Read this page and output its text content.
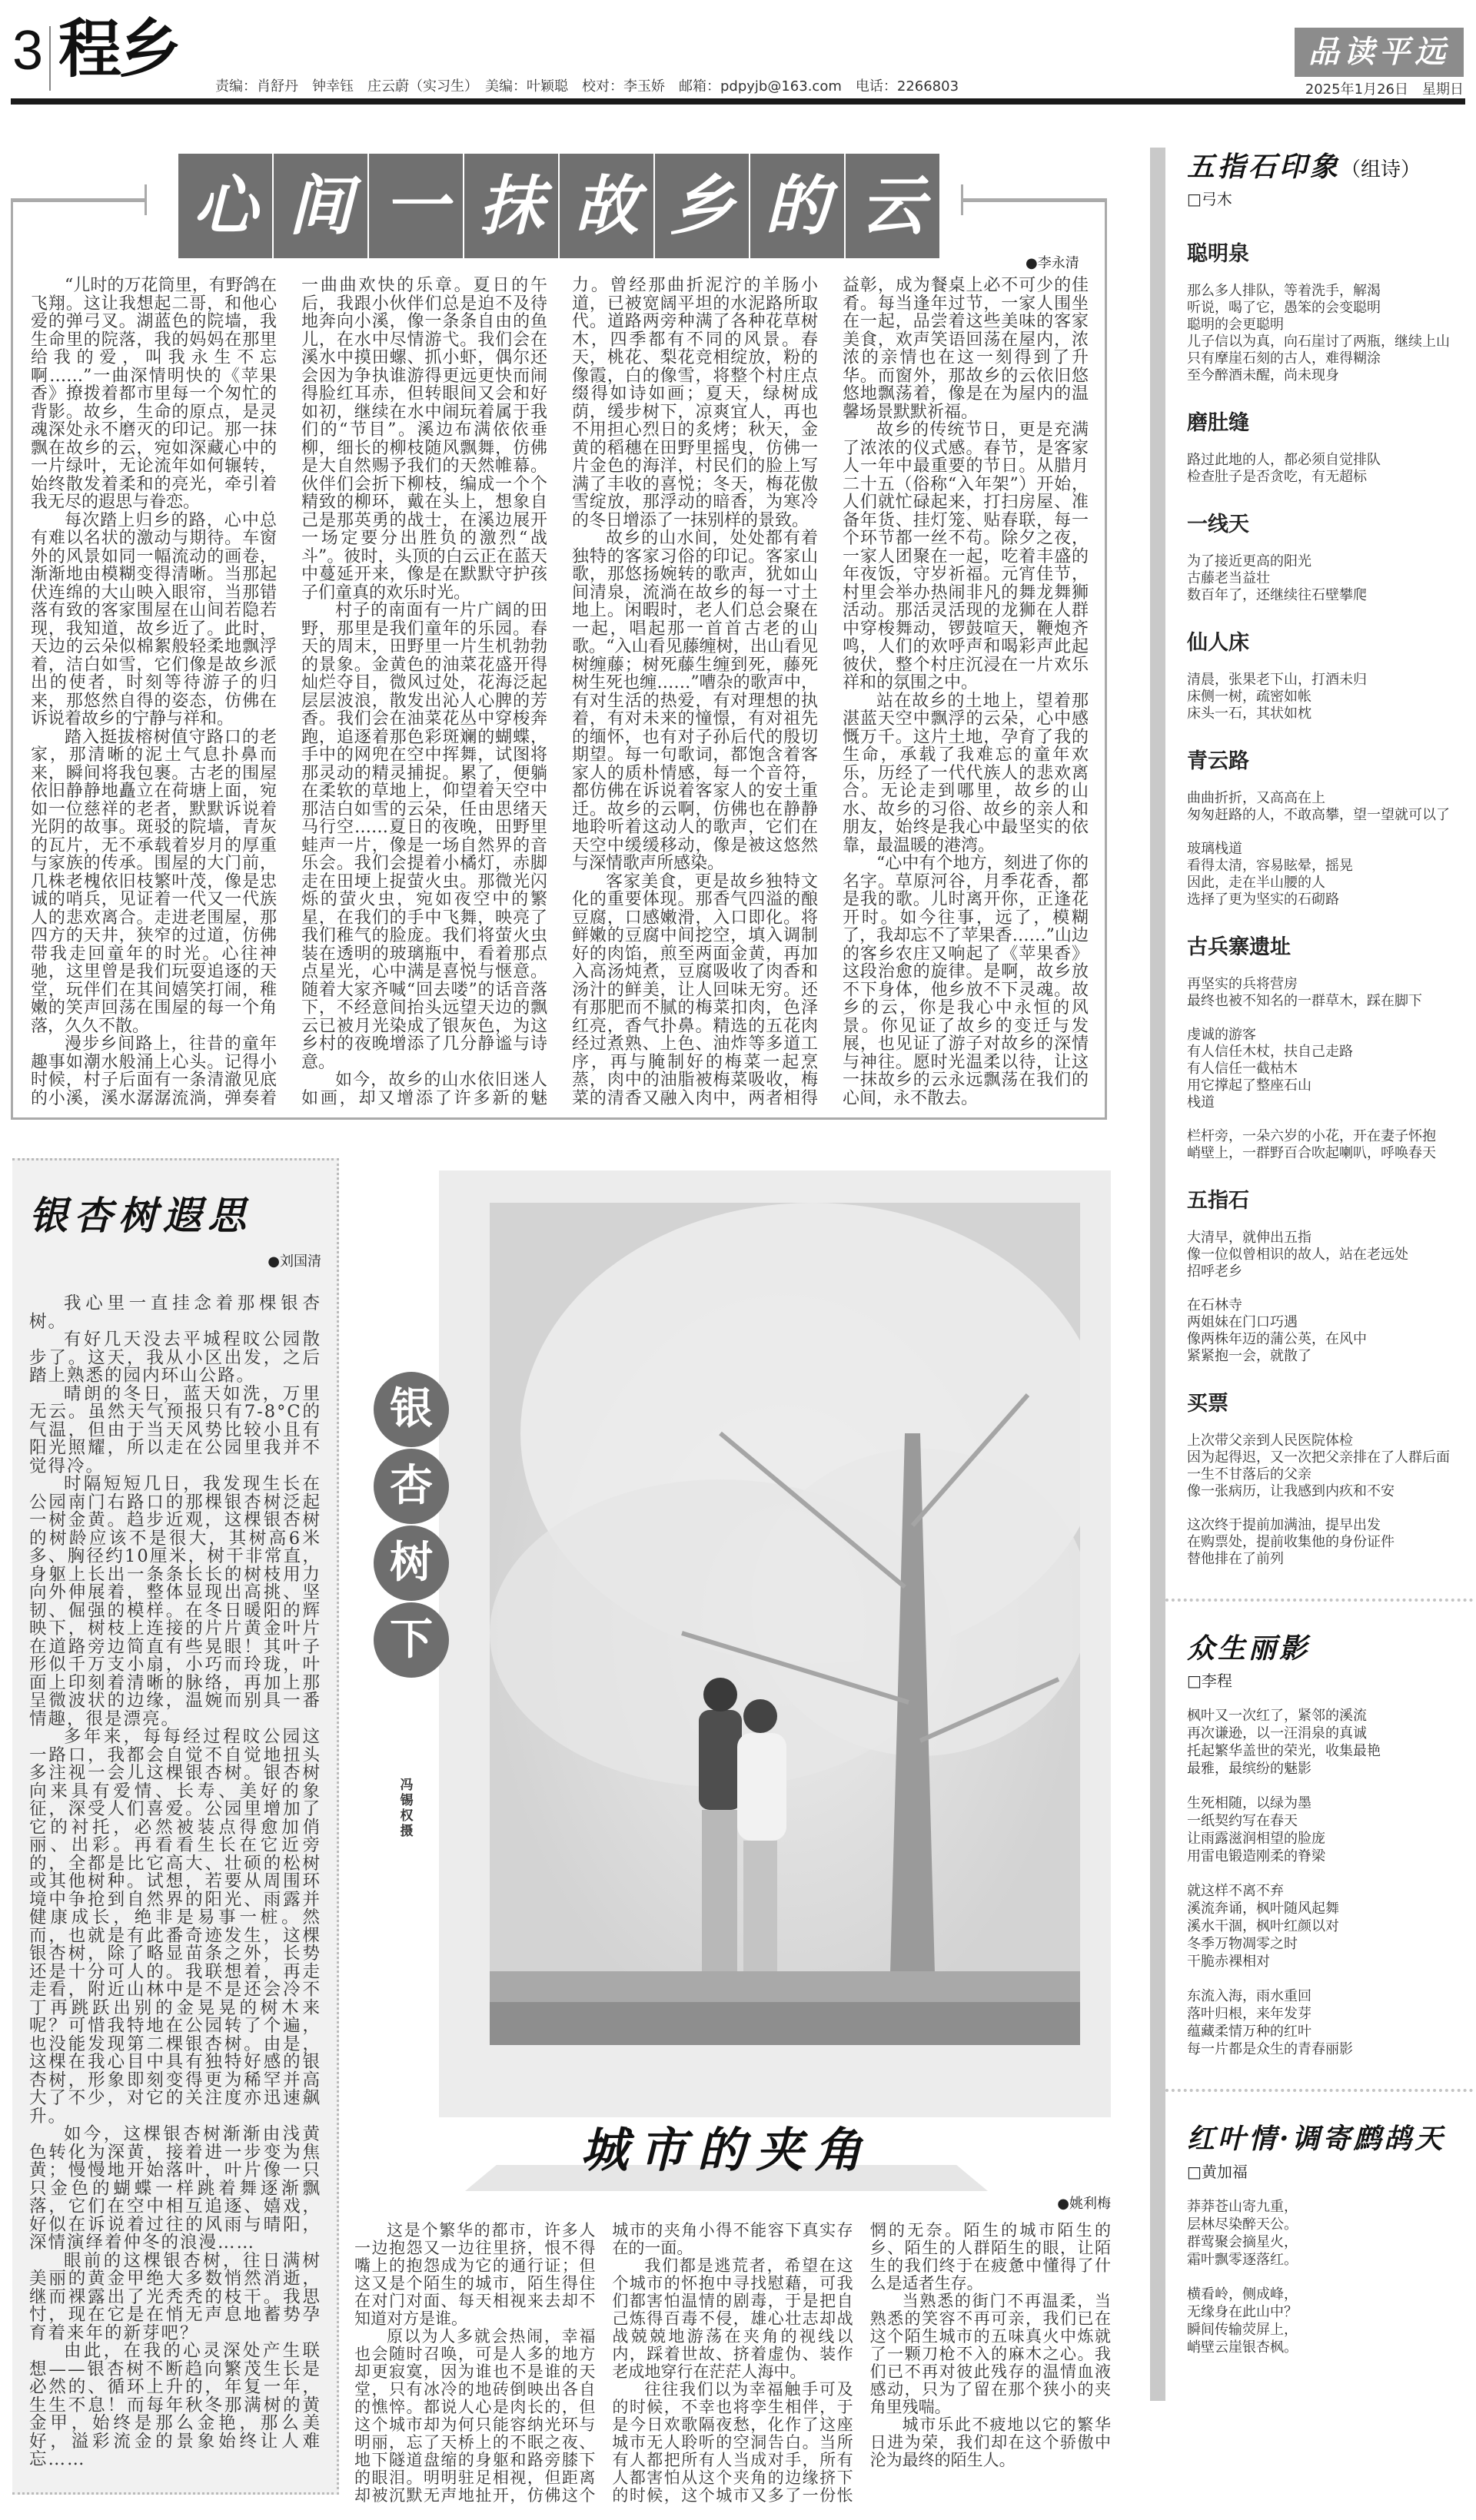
3 程乡
责编：肖舒丹　钟幸钰　庄云蔚（实习生）　美编：叶颖聪　校对：李玉娇　邮箱：pdpyjb@163.com　电话：2266803
品读平远
2025年1月26日　星期日
心 间 一 抹 故 乡 的 云
●李永清

“儿时的万花筒里，有野鸽在飞翔。这让我想起二哥，和他心爱的弹弓叉。湖蓝色的院墙，我生命里的院落，我的妈妈在那里给我的爱，叫我永生不忘啊……”一曲深情明快的《苹果香》撩拨着都市里每一个匆忙的背影。故乡，生命的原点，是灵魂深处永不磨灭的印记。那一抹飘在故乡的云，宛如深藏心中的一片绿叶，无论流年如何辗转，始终散发着柔和的亮光，牵引着我无尽的遐思与眷恋。

每次踏上归乡的路，心中总有难以名状的激动与期待。车窗外的风景如同一幅流动的画卷，渐渐地由模糊变得清晰。当那起伏连绵的大山映入眼帘，当那错落有致的客家围屋在山间若隐若现，我知道，故乡近了。此时，天边的云朵似棉絮般轻柔地飘浮着，洁白如雪，它们像是故乡派出的使者，时刻等待游子的归来，那悠然自得的姿态，仿佛在诉说着故乡的宁静与祥和。

踏入挺拔榕树值守路口的老家，那清晰的泥土气息扑鼻而来，瞬间将我包裹。古老的围屋依旧静静地矗立在荷塘上面，宛如一位慈祥的老者，默默诉说着光阴的故事。斑驳的院墙，青灰的瓦片，无不承载着岁月的厚重与家族的传承。围屋的大门前，几株老槐依旧枝繁叶茂，像是忠诚的哨兵，见证着一代又一代族人的悲欢离合。走进老围屋，那四方的天井，狭窄的过道，仿佛带我走回童年的时光。心往神驰，这里曾是我们玩耍追逐的天堂，玩伴们在其间嬉笑打闹，稚嫩的笑声回荡在围屋的每一个角落，久久不散。

漫步乡间路上，往昔的童年趣事如潮水般涌上心头。记得小时候，村子后面有一条清澈见底的小溪，溪水潺潺流淌，弹奏着一曲曲欢快的乐章。夏日的午后，我跟小伙伴们总是迫不及待地奔向小溪，像一条条自由的鱼儿，在水中尽情游弋。我们会在溪水中摸田螺、抓小虾，偶尔还会因为争执谁游得更远更快而闹得脸红耳赤，但转眼间又会和好如初，继续在水中闹玩着属于我们的“节目”。溪边布满依依垂柳，细长的柳枝随风飘舞，仿佛是大自然赐予我们的天然帷幕。伙伴们会折下柳枝，编成一个个精致的柳环，戴在头上，想象自己是那英勇的战士，在溪边展开一场定要分出胜负的激烈“战斗”。彼时，头顶的白云正在蓝天中蔓延开来，像是在默默守护孩子们童真的欢乐时光。

村子的南面有一片广阔的田野，那里是我们童年的乐园。春天的周末，田野里一片生机勃勃的景象。金黄色的油菜花盛开得灿烂夺目，微风过处，花海泛起层层波浪，散发出沁人心脾的芳香。我们会在油菜花丛中穿梭奔跑，追逐着那色彩斑斓的蝴蝶，手中的网兜在空中挥舞，试图将那灵动的精灵捕捉。累了，便躺在柔软的草地上，仰望着天空中那洁白如雪的云朵，任由思绪天马行空……夏日的夜晚，田野里蛙声一片，像是一场自然界的音乐会。我们会提着小橘灯，赤脚走在田埂上捉萤火虫。那微光闪烁的萤火虫，宛如夜空中的繁星，在我们的手中飞舞，映亮了我们稚气的脸庞。我们将萤火虫装在透明的玻璃瓶中，看着那点点星光，心中满是喜悦与惬意。随着大家齐喊“回去喽”的话音落下，不经意间抬头远望天边的飘云已被月光染成了银灰色，为这乡村的夜晚增添了几分静谧与诗意。

如今，故乡的山水依旧迷人如画，却又增添了许多新的魅力。曾经那曲折泥泞的羊肠小道，已被宽阔平坦的水泥路所取代。道路两旁种满了各种花草树木，四季都有不同的风景。春天，桃花、梨花竞相绽放，粉的像霞，白的像雪，将整个村庄点缀得如诗如画；夏天，绿树成荫，缓步树下，凉爽宜人，再也不用担心烈日的炙烤；秋天，金黄的稻穗在田野里摇曳，仿佛一片金色的海洋，村民们的脸上写满了丰收的喜悦；冬天，梅花傲雪绽放，那浮动的暗香，为寒冷的冬日增添了一抹别样的景致。

故乡的山水间，处处都有着独特的客家习俗的印记。客家山歌，那悠扬婉转的歌声，犹如山间清泉，流淌在故乡的每一寸土地上。闲暇时，老人们总会聚在一起，唱起那一首首古老的山歌。“入山看见藤缠树，出山看见树缠藤；树死藤生缠到死，藤死树生死也缠……”嘈杂的歌声中，有对生活的热爱，有对理想的执着，有对未来的憧憬，有对祖先的缅怀，也有对子孙后代的殷切期望。每一句歌词，都饱含着客家人的质朴情感，每一个音符，都仿佛在诉说着客家人的安土重迁。故乡的云啊，仿佛也在静静地聆听着这动人的歌声，它们在天空中缓缓移动，像是被这悠然与深情歌声所感染。

客家美食，更是故乡独特文化的重要体现。那香气四溢的酿豆腐，口感嫩滑，入口即化。将鲜嫩的豆腐中间挖空，填入调制好的肉馅，煎至两面金黄，再加入高汤炖煮，豆腐吸收了肉香和汤汁的鲜美，让人回味无穷。还有那肥而不腻的梅菜扣肉，色泽红亮，香气扑鼻。精选的五花肉经过煮熟、上色、油炸等多道工序，再与腌制好的梅菜一起烹蒸，肉中的油脂被梅菜吸收，梅菜的清香又融入肉中，两者相得益彰，成为餐桌上必不可少的佳肴。每当逢年过节，一家人围坐在一起，品尝着这些美味的客家美食，欢声笑语回荡在屋内，浓浓的亲情也在这一刻得到了升华。而窗外，那故乡的云依旧悠悠地飘荡着，像是在为屋内的温馨场景默默祈福。

故乡的传统节日，更是充满了浓浓的仪式感。春节，是客家人一年中最重要的节日。从腊月二十五（俗称“入年架”）开始，人们就忙碌起来，打扫房屋、准备年货、挂灯笼、贴春联，每一个环节都一丝不苟。除夕之夜，一家人团聚在一起，吃着丰盛的年夜饭，守岁祈福。元宵佳节，村里会举办热闹非凡的舞龙舞狮活动。那活灵活现的龙狮在人群中穿梭舞动，锣鼓喧天，鞭炮齐鸣，人们的欢呼声和喝彩声此起彼伏，整个村庄沉浸在一片欢乐祥和的氛围之中。

站在故乡的土地上，望着那湛蓝天空中飘浮的云朵，心中感慨万千。这片土地，孕育了我的生命，承载了我难忘的童年欢乐，历经了一代代族人的悲欢离合。无论走到哪里，故乡的山水、故乡的习俗、故乡的亲人和朋友，始终是我心中最坚实的依靠，最温暖的港湾。

“心中有个地方，刻进了你的名字。草原河谷，月季花香，都是我的歌。儿时离开你，正逢花开时。如今往事，远了，模糊了，我却忘不了苹果香……”山边的客乡农庄又响起了《苹果香》这段治愈的旋律。是啊，故乡放不下身体，他乡放不下灵魂。故乡的云，你是我心中永恒的风景。你见证了故乡的变迁与发展，也见证了游子对故乡的深情与神往。愿时光温柔以待，让这一抹故乡的云永远飘荡在我们的心间，永不散去。

银杏树遐思
●刘国清

我心里一直挂念着那棵银杏树。

有好几天没去平城程旼公园散步了。这天，我从小区出发，之后踏上熟悉的园内环山公路。

晴朗的冬日，蓝天如洗，万里无云。虽然天气预报只有7-8°C的气温，但由于当天风势比较小且有阳光照耀，所以走在公园里我并不觉得冷。

时隔短短几日，我发现生长在公园南门右路口的那棵银杏树泛起一树金黄。趋步近观，这棵银杏树的树龄应该不是很大，其树高6米多、胸径约10厘米，树干非常直，身躯上长出一条条长长的树枝用力向外伸展着，整体显现出高挑、坚韧、倔强的模样。在冬日暖阳的辉映下，树枝上连接的片片黄金叶片在道路旁边简直有些晃眼！其叶子形似千万支小扇，小巧而玲珑，叶面上印刻着清晰的脉络，再加上那呈微波状的边缘，温婉而别具一番情趣，很是漂亮。

多年来，每每经过程旼公园这一路口，我都会自觉不自觉地扭头多注视一会儿这棵银杏树。银杏树向来具有爱情、长寿、美好的象征，深受人们喜爱。公园里增加了它的衬托，必然被装点得愈加俏丽、出彩。再看看生长在它近旁的，全都是比它高大、壮硕的松树或其他树种。试想，若要从周围环境中争抢到自然界的阳光、雨露并健康成长，绝非是易事一桩。然而，也就是有此番奇迹发生，这棵银杏树，除了略显苗条之外，长势还是十分可人的。我联想着，再走走看，附近山林中是不是还会冷不丁再跳跃出别的金晃晃的树木来呢？可惜我特地在公园转了个遍，也没能发现第二棵银杏树。由是，这棵在我心目中具有独特好感的银杏树，形象即刻变得更为稀罕并高大了不少，对它的关注度亦迅速飙升。

如今，这棵银杏树渐渐由浅黄色转化为深黄，接着进一步变为焦黄；慢慢地开始落叶，叶片像一只只金色的蝴蝶一样跳着舞逐渐飘落，它们在空中相互追逐、嬉戏，好似在诉说着过往的风雨与晴阳，深情演绎着仲冬的浪漫……

眼前的这棵银杏树，往日满树美丽的黄金甲绝大多数悄然消逝，继而裸露出了光秃秃的枝干。我思忖，现在它是在悄无声息地蓄势孕育着来年的新芽吧？

由此，在我的心灵深处产生联想——银杏树不断趋向繁茂生长是必然的、循环上升的，年复一年，生生不息！而每年秋冬那满树的黄金甲，始终是那么金艳，那么美好，溢彩流金的景象始终让人难忘……

银
杏
树
下
冯锡权　摄
城市的夹角
●姚利梅

这是个繁华的都市，许多人一边抱怨又一边往里挤，恨不得嘴上的抱怨成为它的通行证；但这又是个陌生的城市，陌生得住在对门对面、每天相视来去却不知道对方是谁。

原以为人多就会热闹，幸福也会随时召唤，可是人多的地方却更寂寞，因为谁也不是谁的天堂，只有冰冷的地砖倒映出各自的憔悴。都说人心是肉长的，但这个城市却为何只能容纳光环与明丽，忘了天桥上的不眠之夜、地下隧道盘缩的身躯和路旁膝下的眼泪。明明驻足相视，但距离却被沉默无声地扯开，仿佛这个城市的夹角小得不能容下真实存在的一面。

我们都是逃荒者，希望在这个城市的怀抱中寻找慰藉，可我们都害怕温情的剧毒，于是把自己炼得百毒不侵，雄心壮志却战战兢兢地游荡在夹角的视线以内，踩着世故、挤着虚伪、装作老成地穿行在茫茫人海中。

往往我们以为幸福触手可及的时候，不幸也将孪生相伴，于是今日欢歌隔夜愁，化作了这座城市无人聆听的空洞告白。当所有人都把所有人当成对手，所有人都害怕从这个夹角的边缘挤下的时候，这个城市又多了一份怅惘的无奈。陌生的城市陌生的乡、陌生的人群陌生的眼，让陌生的我们终于在疲惫中懂得了什么是适者生存。

当熟悉的街门不再温柔，当熟悉的笑容不再可亲，我们已在这个陌生城市的五味真火中炼就了一颗刀枪不入的麻木之心。我们已不再对彼此残存的温情血液感动，只为了留在那个狭小的夹角里残喘。

城市乐此不疲地以它的繁华日进为荣，我们却在这个骄傲中沦为最终的陌生人。

五指石印象（组诗）
□弓木
聪明泉
那么多人排队，等着洗手，解渴
听说，喝了它，愚笨的会变聪明
聪明的会更聪明
儿子信以为真，向石崖讨了两瓶，继续上山
只有摩崖石刻的古人，难得糊涂
至今醉酒未醒，尚未现身
磨肚缝
路过此地的人，都必须自觉排队
检查肚子是否贪吃，有无超标
一线天
为了接近更高的阳光
古藤老当益壮
数百年了，还继续往石壁攀爬
仙人床
清晨，张果老下山，打酒未归
床侧一树，疏密如帐
床头一石，其状如枕
青云路
曲曲折折，又高高在上
匆匆赶路的人，不敢高攀，望一望就可以了
玻璃栈道
看得太清，容易眩晕，摇晃
因此，走在半山腰的人
选择了更为坚实的石砌路
古兵寨遗址
再坚实的兵将营房
最终也被不知名的一群草木，踩在脚下
虔诚的游客
有人信任木杖，扶自己走路
有人信任一截枯木
用它撑起了整座石山
栈道
栏杆旁，一朵六岁的小花，开在妻子怀抱
峭壁上，一群野百合吹起喇叭，呼唤春天
五指石
大清早，就伸出五指
像一位似曾相识的故人，站在老远处
招呼老乡
在石林寺
两姐妹在门口巧遇
像两株年迈的蒲公英，在风中
紧紧抱一会，就散了
买票
上次带父亲到人民医院体检
因为起得迟，又一次把父亲排在了人群后面
一生不甘落后的父亲
像一张病历，让我感到内疚和不安
这次终于提前加满油，提早出发
在购票处，提前收集他的身份证件
替他排在了前列
众生丽影
□李程
枫叶又一次红了，紧邻的溪流
再次谦逊，以一汪涓泉的真诚
托起繁华盖世的荣光，收集最艳
最雅，最缤纷的魅影
生死相随，以绿为墨
一纸契约写在春天
让雨露滋润相望的脸庞
用雷电锻造刚柔的脊梁
就这样不离不弃
溪流奔诵，枫叶随风起舞
溪水干涸，枫叶红颜以对
冬季万物凋零之时
干脆赤裸相对
东流入海，雨水重回
落叶归根，来年发芽
蕴藏柔情万种的红叶
每一片都是众生的青春丽影
红叶情·调寄鹧鸪天
□黄加福
莽莽苍山寄九重，
层林尽染醉天公。
群莺聚会摘星火，
霜叶飘零逐落红。
横看岭，侧成峰，
无缘身在此山中？
瞬间传输荧屏上，
峭壁云崖银杏枫。
